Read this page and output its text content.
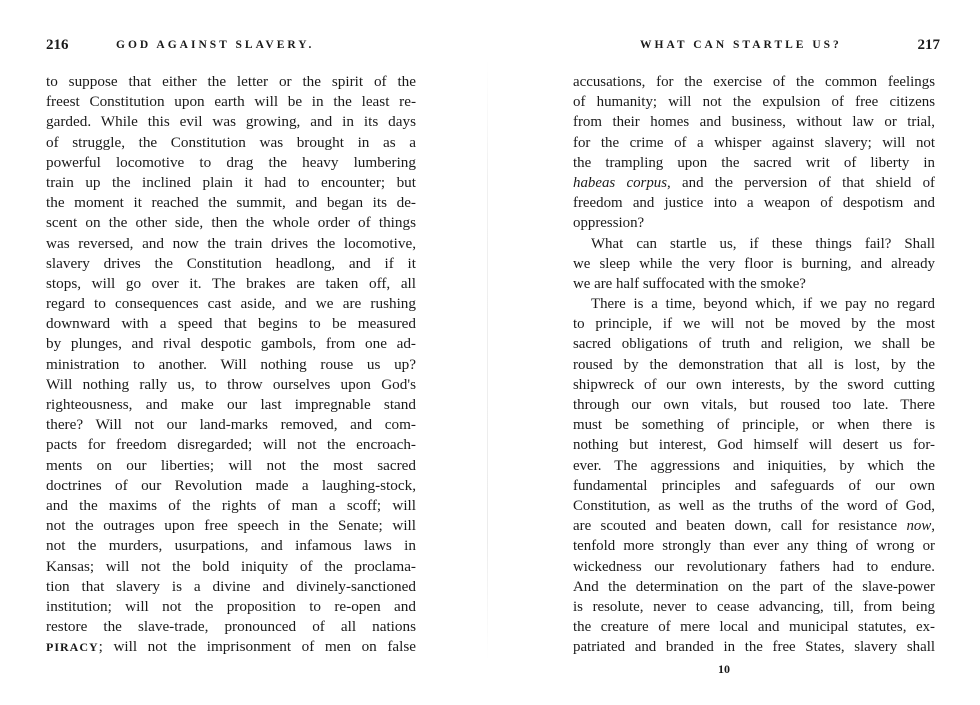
216	GOD AGAINST SLAVERY.
to suppose that either the letter or the spirit of the
freest Constitution upon earth will be in the least re-
garded. While this evil was growing, and in its days
of struggle, the Constitution was brought in as a
powerful locomotive to drag the heavy lumbering
train up the inclined plain it had to encounter; but
the moment it reached the summit, and began its de-
scent on the other side, then the whole order of things
was reversed, and now the train drives the locomotive,
slavery drives the Constitution headlong, and if it
stops, will go over it. The brakes are taken off, all
regard to consequences cast aside, and we are rushing
downward with a speed that begins to be measured
by plunges, and rival despotic gambols, from one ad-
ministration to another. Will nothing rouse us up?
Will nothing rally us, to throw ourselves upon God's
righteousness, and make our last impregnable stand
there? Will not our land-marks removed, and com-
pacts for freedom disregarded; will not the encroach-
ments on our liberties; will not the most sacred
doctrines of our Revolution made a laughing-stock,
and the maxims of the rights of man a scoff; will
not the outrages upon free speech in the Senate; will
not the murders, usurpations, and infamous laws in
Kansas; will not the bold iniquity of the proclama-
tion that slavery is a divine and divinely-sanctioned
institution; will not the proposition to re-open and
restore the slave-trade, pronounced of all nations
PIRACY; will not the imprisonment of men on false
WHAT CAN STARTLE US?	217
accusations, for the exercise of the common feelings
of humanity; will not the expulsion of free citizens
from their homes and business, without law or trial,
for the crime of a whisper against slavery; will not
the trampling upon the sacred writ of liberty in
habeas corpus, and the perversion of that shield of
freedom and justice into a weapon of despotism and
oppression?
What can startle us, if these things fail? Shall
we sleep while the very floor is burning, and already
we are half suffocated with the smoke?
There is a time, beyond which, if we pay no regard
to principle, if we will not be moved by the most
sacred obligations of truth and religion, we shall be
roused by the demonstration that all is lost, by the
shipwreck of our own interests, by the sword cutting
through our own vitals, but roused too late. There
must be something of principle, or when there is
nothing but interest, God himself will desert us for-
ever. The aggressions and iniquities, by which the
fundamental principles and safeguards of our own
Constitution, as well as the truths of the word of God,
are scouted and beaten down, call for resistance now,
tenfold more strongly than ever any thing of wrong or
wickedness our revolutionary fathers had to endure.
And the determination on the part of the slave-power
is resolute, never to cease advancing, till, from being
the creature of mere local and municipal statutes, ex-
patriated and branded in the free States, slavery shall
10
